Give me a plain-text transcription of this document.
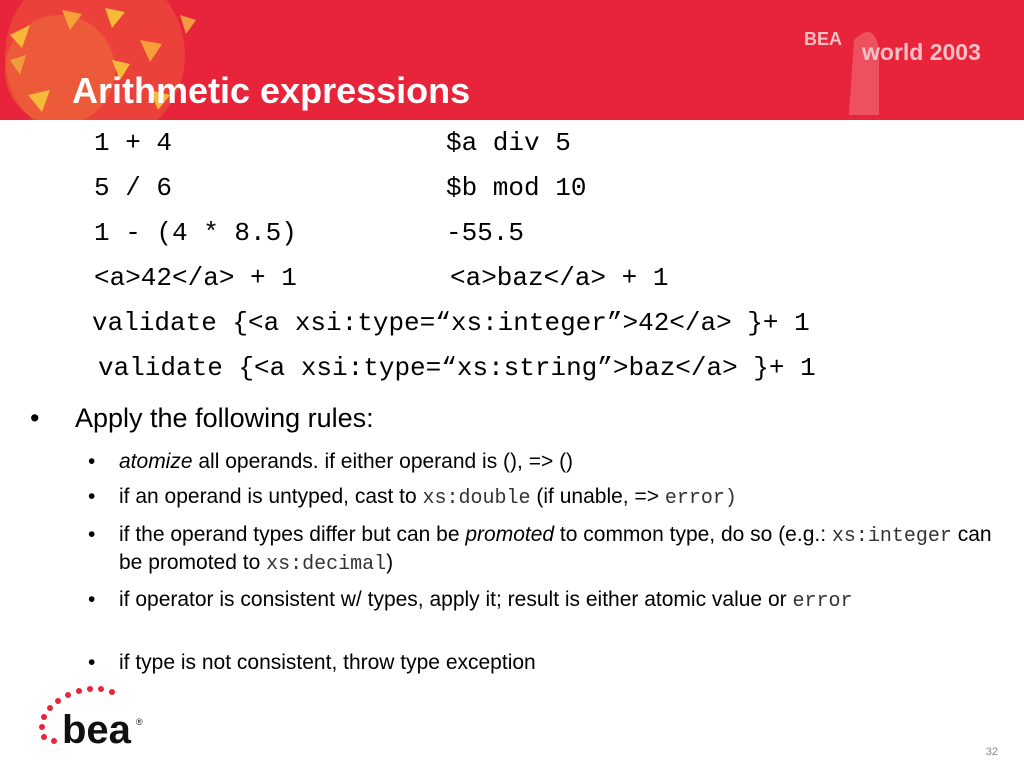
Arithmetic expressions
BEA world 2003
1 + 4	$a div 5
5 / 6	$b mod 10
1 - (4 * 8.5)	-55.5
<a>42</a> + 1	<a>baz</a> + 1
validate {<a xsi:type=“xs:integer”>42</a> }+ 1
validate {<a xsi:type=“xs:string”>baz</a> }+ 1
• Apply the following rules:
• atomize all operands. if either operand is (), => ()
• if an operand is untyped, cast to xs:double (if unable, => error)
• if the operand types differ but can be promoted to common type, do so (e.g.: xs:integer can be promoted to xs:decimal)
• if operator is consistent w/ types, apply it; result is either atomic value or error
• if type is not consistent, throw type exception
bea ®
32
